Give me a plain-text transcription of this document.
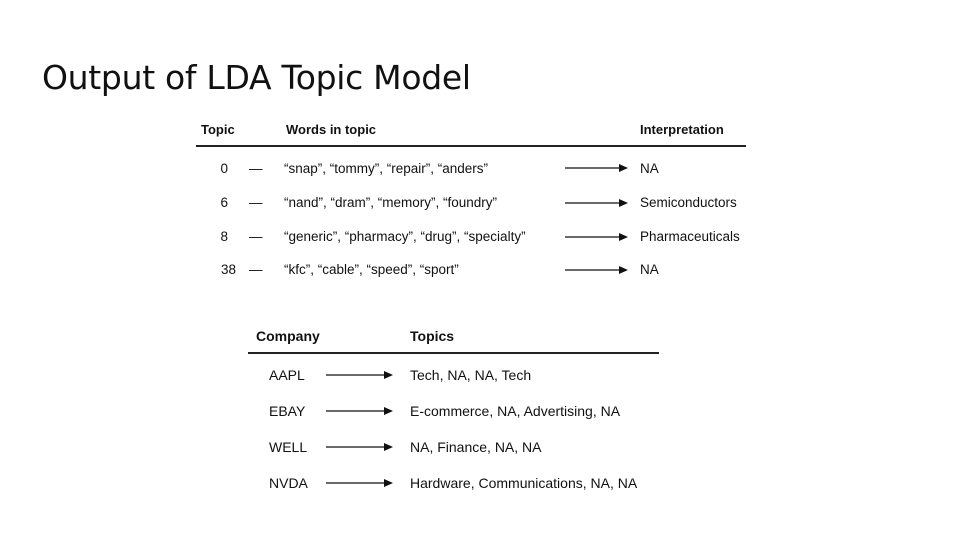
Output of LDA Topic Model
Topic	Words in topic	Interpretation
0 — “snap”, “tommy”, “repair”, “anders”	NA
6 — “nand”, “dram”, “memory”, “foundry”	Semiconductors
8 — “generic”, “pharmacy”, “drug”, “specialty”	Pharmaceuticals
38 — “kfc”, “cable”, “speed”, “sport”	NA
Company	Topics
AAPL	Tech, NA, NA, Tech
EBAY	E-commerce, NA, Advertising, NA
WELL	NA, Finance, NA, NA
NVDA	Hardware, Communications, NA, NA
